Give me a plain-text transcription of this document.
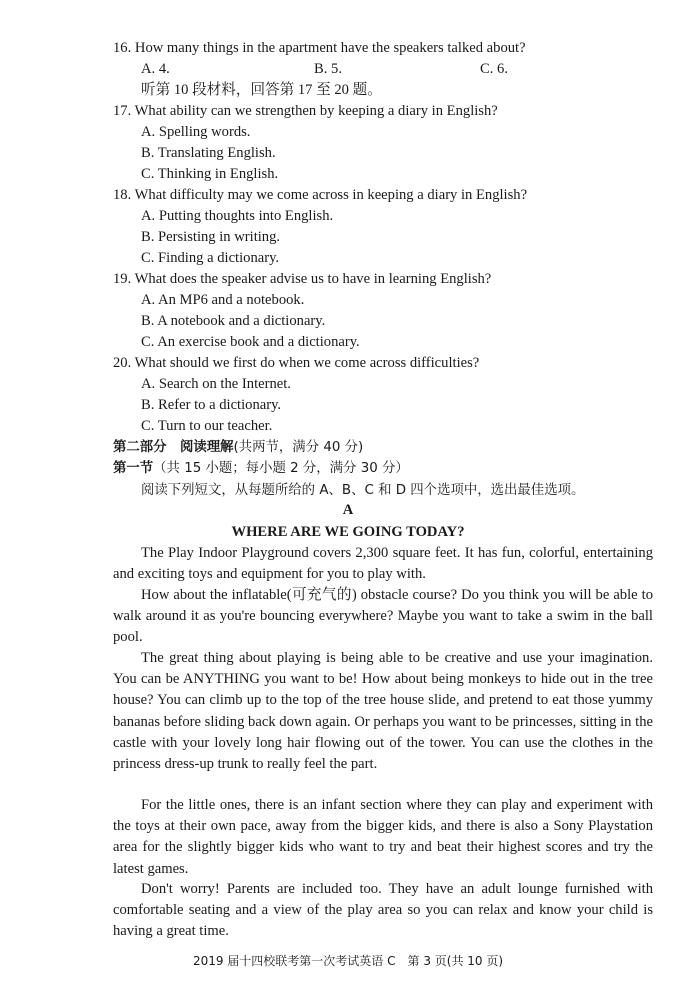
16. How many things in the apartment have the speakers talked about?
A. 4.	B. 5.	C. 6.
听第 10 段材料，回答第 17 至 20 题。
17. What ability can we strengthen by keeping a diary in English?
A. Spelling words.
B. Translating English.
C. Thinking in English.
18. What difficulty may we come across in keeping a diary in English?
A. Putting thoughts into English.
B. Persisting in writing.
C. Finding a dictionary.
19. What does the speaker advise us to have in learning English?
A. An MP6 and a notebook.
B. A notebook and a dictionary.
C. An exercise book and a dictionary.
20. What should we first do when we come across difficulties?
A. Search on the Internet.
B. Refer to a dictionary.
C. Turn to our teacher.
第二部分　阅读理解(共两节，满分 40 分)
第一节（共 15 小题；每小题 2 分，满分 30 分）
阅读下列短文，从每题所给的 A、B、C 和 D 四个选项中，选出最佳选项。
A
WHERE ARE WE GOING TODAY?

The Play Indoor Playground covers 2,300 square feet. It has fun, colorful, entertaining and exciting toys and equipment for you to play with.

How about the inflatable(可充气的) obstacle course? Do you think you will be able to walk around it as you're bouncing everywhere? Maybe you want to take a swim in the ball pool.

The great thing about playing is being able to be creative and use your imagination. You can be ANYTHING you want to be! How about being monkeys to hide out in the tree house? You can climb up to the top of the tree house slide, and pretend to eat those yummy bananas before sliding back down again. Or perhaps you want to be princesses, sitting in the castle with your lovely long hair flowing out of the tower. You can use the clothes in the princess dress-up trunk to really feel the part.

For the little ones, there is an infant section where they can play and experiment with the toys at their own pace, away from the bigger kids, and there is also a Sony Playstation area for the slightly bigger kids who want to try and beat their highest scores and try the latest games.

Don't worry! Parents are included too. They have an adult lounge furnished with comfortable seating and a view of the play area so you can relax and know your child is having a great time.

2019 届十四校联考第一次考试英语 C　第 3 页(共 10 页)
